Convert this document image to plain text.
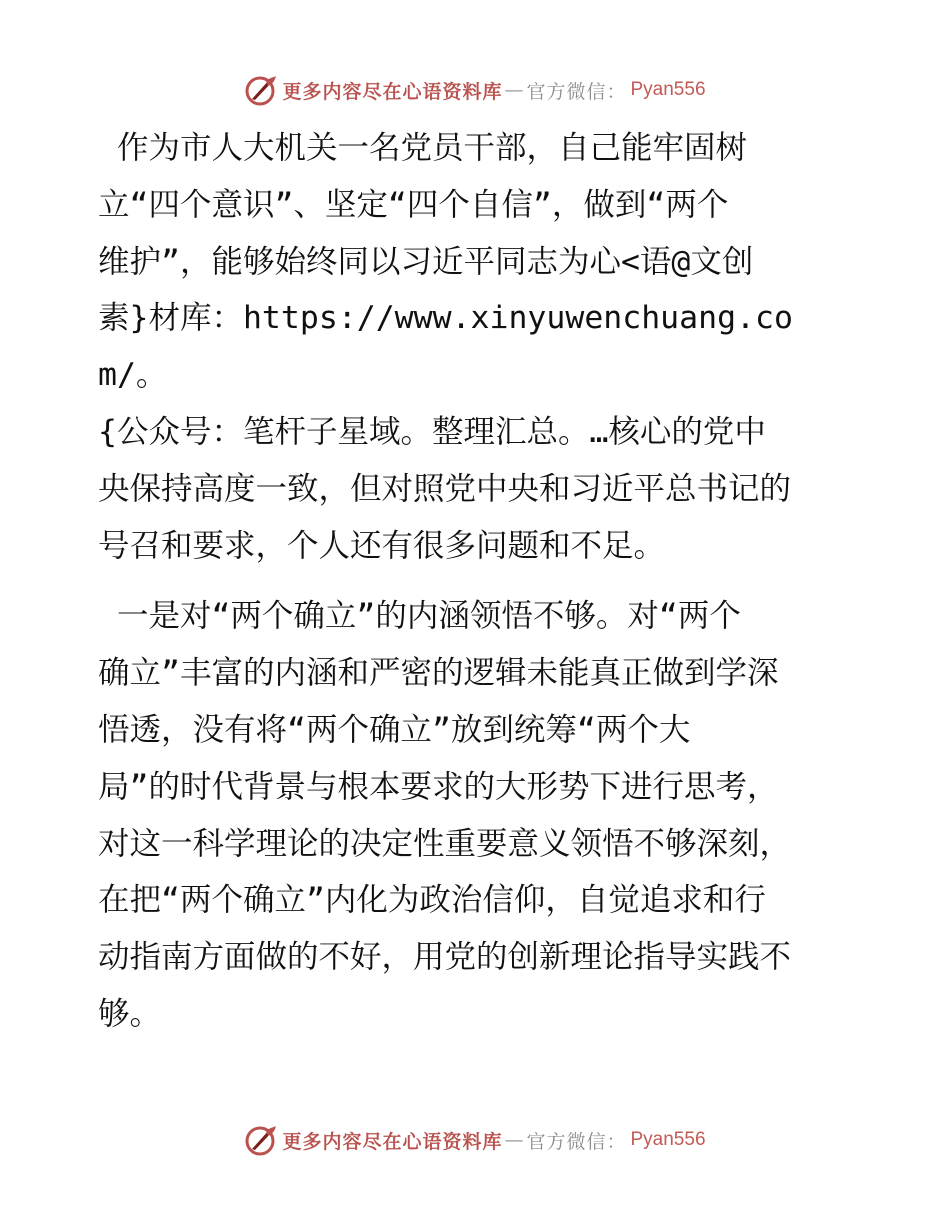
更多内容尽在心语资料库 — 官方微信： Pyan556

作为市人大机关一名党员干部，自己能牢固树
立“四个意识”、坚定“四个自信”，做到“两个
维护”，能够始终同以习近平同志为心<语@文创
素}材库：https://www.xinyuwenchuang.com/。
{公众号：笔杆子星域。整理汇总。…核心的党中
央保持高度一致，但对照党中央和习近平总书记的
号召和要求，个人还有很多问题和不足。

一是对“两个确立”的内涵领悟不够。对“两个
确立”丰富的内涵和严密的逻辑未能真正做到学深
悟透，没有将“两个确立”放到统筹“两个大
局”的时代背景与根本要求的大形势下进行思考，
对这一科学理论的决定性重要意义领悟不够深刻，
在把“两个确立”内化为政治信仰，自觉追求和行
动指南方面做的不好，用党的创新理论指导实践不
够。

更多内容尽在心语资料库 — 官方微信： Pyan556
